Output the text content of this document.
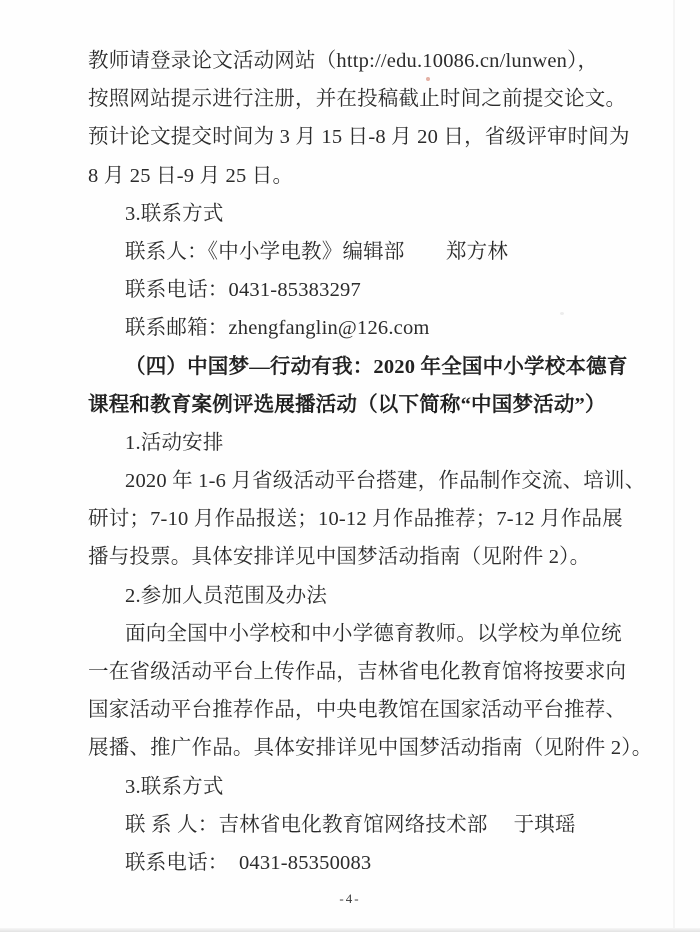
教师请登录论文活动网站（http://edu.10086.cn/lunwen），
按照网站提示进行注册，并在投稿截止时间之前提交论文。
预计论文提交时间为 3 月 15 日-8 月 20 日，省级评审时间为
8 月 25 日-9 月 25 日。
3.联系方式
联系人：《中小学电教》编辑部　　郑方林
联系电话：0431-85383297
联系邮箱：zhengfanglin@126.com
（四）中国梦—行动有我：2020 年全国中小学校本德育
课程和教育案例评选展播活动（以下简称“中国梦活动”）
1.活动安排
2020 年 1-6 月省级活动平台搭建，作品制作交流、培训、
研讨；7-10 月作品报送；10-12 月作品推荐；7-12 月作品展
播与投票。具体安排详见中国梦活动指南（见附件 2）。
2.参加人员范围及办法
面向全国中小学校和中小学德育教师。以学校为单位统
一在省级活动平台上传作品，吉林省电化教育馆将按要求向
国家活动平台推荐作品，中央电教馆在国家活动平台推荐、
展播、推广作品。具体安排详见中国梦活动指南（见附件 2）。
3.联系方式
联 系 人：吉林省电化教育馆网络技术部　 于琪瑶
联系电话：　0431-85350083
-4-
